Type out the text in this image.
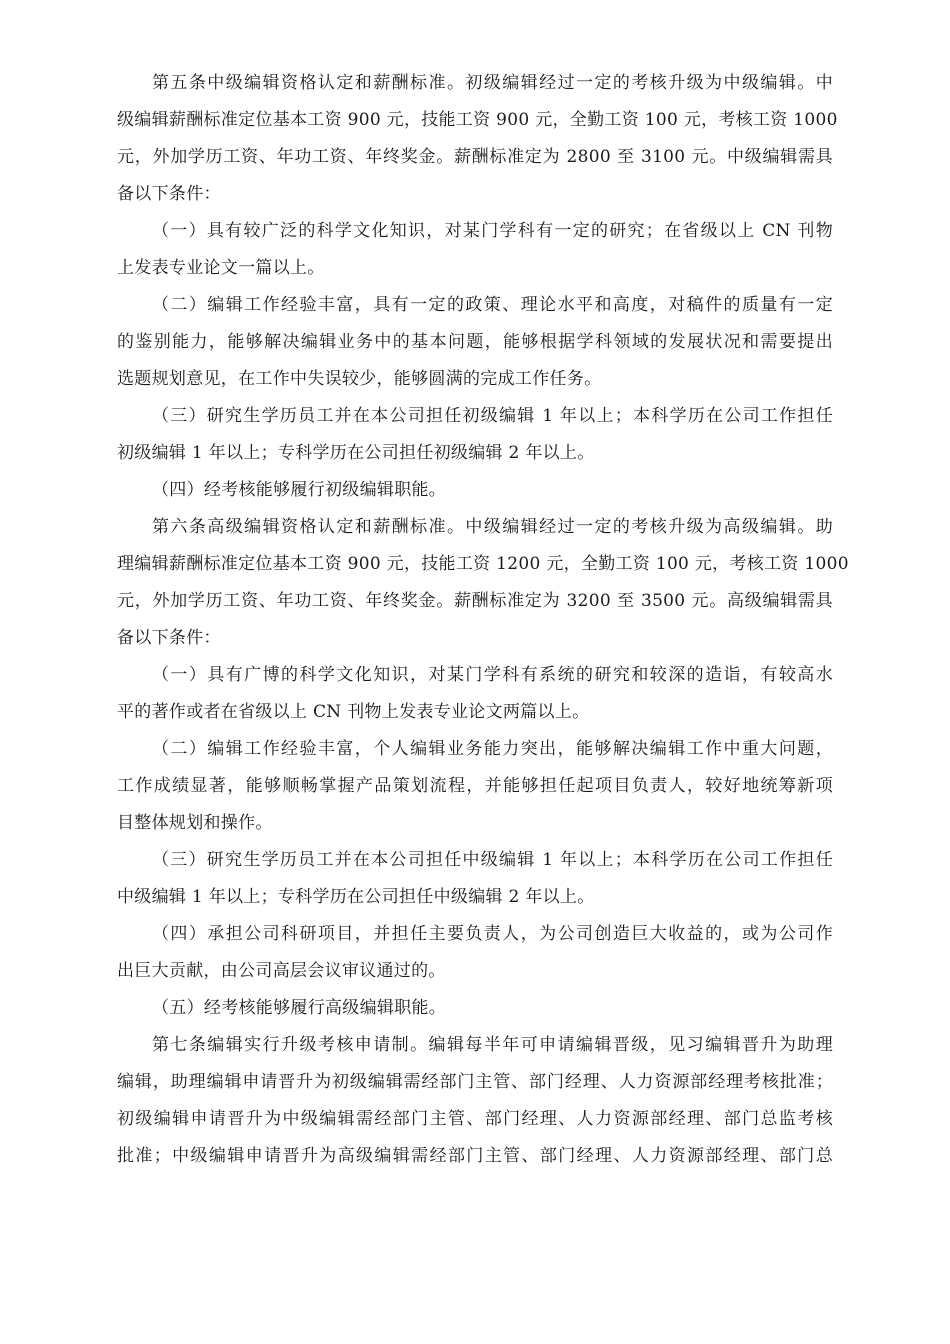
第五条中级编辑资格认定和薪酬标准。初级编辑经过一定的考核升级为中级编辑。中
级编辑薪酬标准定位基本工资 900 元，技能工资 900 元，全勤工资 100 元，考核工资 1000
元，外加学历工资、年功工资、年终奖金。薪酬标准定为 2800 至 3100 元。中级编辑需具
备以下条件：
（一）具有较广泛的科学文化知识，对某门学科有一定的研究；在省级以上 CN 刊物
上发表专业论文一篇以上。
（二）编辑工作经验丰富，具有一定的政策、理论水平和高度，对稿件的质量有一定
的鉴别能力，能够解决编辑业务中的基本问题，能够根据学科领域的发展状况和需要提出
选题规划意见，在工作中失误较少，能够圆满的完成工作任务。
（三）研究生学历员工并在本公司担任初级编辑 1 年以上；本科学历在公司工作担任
初级编辑 1 年以上；专科学历在公司担任初级编辑 2 年以上。
（四）经考核能够履行初级编辑职能。
第六条高级编辑资格认定和薪酬标准。中级编辑经过一定的考核升级为高级编辑。助
理编辑薪酬标准定位基本工资 900 元，技能工资 1200 元，全勤工资 100 元，考核工资 1000
元，外加学历工资、年功工资、年终奖金。薪酬标准定为 3200 至 3500 元。高级编辑需具
备以下条件：
（一）具有广博的科学文化知识，对某门学科有系统的研究和较深的造诣，有较高水
平的著作或者在省级以上 CN 刊物上发表专业论文两篇以上。
（二）编辑工作经验丰富，个人编辑业务能力突出，能够解决编辑工作中重大问题，
工作成绩显著，能够顺畅掌握产品策划流程，并能够担任起项目负责人，较好地统筹新项
目整体规划和操作。
（三）研究生学历员工并在本公司担任中级编辑 1 年以上；本科学历在公司工作担任
中级编辑 1 年以上；专科学历在公司担任中级编辑 2 年以上。
（四）承担公司科研项目，并担任主要负责人，为公司创造巨大收益的，或为公司作
出巨大贡献，由公司高层会议审议通过的。
（五）经考核能够履行高级编辑职能。
第七条编辑实行升级考核申请制。编辑每半年可申请编辑晋级，见习编辑晋升为助理
编辑，助理编辑申请晋升为初级编辑需经部门主管、部门经理、人力资源部经理考核批准；
初级编辑申请晋升为中级编辑需经部门主管、部门经理、人力资源部经理、部门总监考核
批准；中级编辑申请晋升为高级编辑需经部门主管、部门经理、人力资源部经理、部门总
